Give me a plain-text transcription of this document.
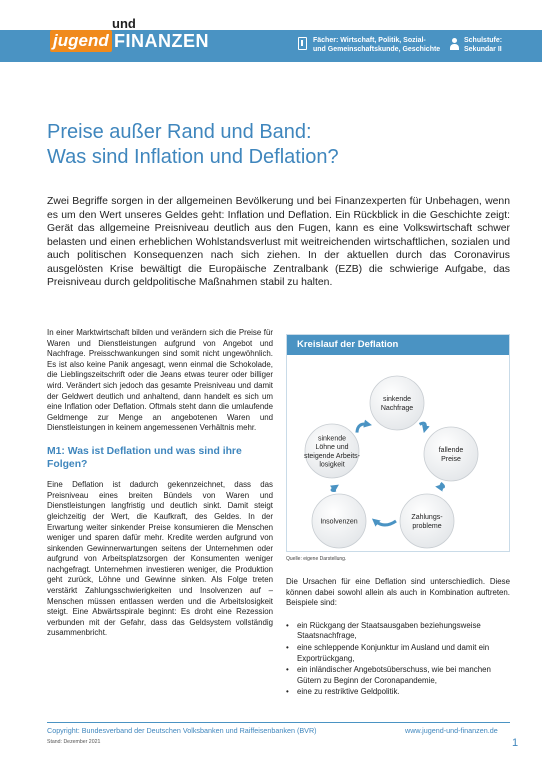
und
jugend FINANZEN	Fächer: Wirtschaft, Politik, Sozial-
und Gemeinschaftskunde, Geschichte
Schulstufe:
Sekundar II
Preise außer Rand und Band:
Was sind Inflation und Deflation?

Zwei Begriffe sorgen in der allgemeinen Bevölkerung und bei Finanzexperten für Unbehagen, wenn es um den Wert unseres Geldes geht: Inflation und Deflation. Ein Rückblick in die Geschichte zeigt: Gerät das allgemeine Preisniveau deutlich aus den Fugen, kann es eine Volkswirtschaft schwer belasten und einen erheblichen Wohlstandsverlust mit weitreichenden wirtschaftlichen, sozialen und auch politischen Konsequenzen nach sich ziehen. In der aktuellen durch das Coronavirus ausgelösten Krise bewältigt die Europäische Zentralbank (EZB) die schwierige Aufgabe, das Preisniveau durch geldpolitische Maßnahmen stabil zu halten.

In einer Marktwirtschaft bilden und verändern sich die Preise für Waren und Dienstleistungen aufgrund von Angebot und Nachfrage. Preisschwankungen sind somit nicht ungewöhnlich. Es ist also keine Panik angesagt, wenn einmal die Schokolade, die Lieblingszeitschrift oder die Jeans etwas teurer oder billiger wird. Verändert sich jedoch das gesamte Preisniveau und damit der Geldwert deutlich und anhaltend, dann handelt es sich um eine Inflation oder Deflation. Oftmals steht dann die umlaufende Geldmenge zur Menge an angebotenen Waren und Dienstleistungen in keinem angemessenen Verhältnis mehr.

M1: Was ist Deflation und was sind ihre Folgen?

Eine Deflation ist dadurch gekennzeichnet, dass das Preisniveau eines breiten Bündels von Waren und Dienstleistungen langfristig und deutlich sinkt. Damit steigt gleichzeitig der Wert, die Kaufkraft, des Geldes. In der Erwartung weiter sinkender Preise konsumieren die Menschen weniger und sparen dafür mehr. Kredite werden aufgrund von sinkenden Gewinnerwartungen seitens der Unternehmen oder aufgrund von Arbeitsplatzsorgen der Konsumenten weniger nachgefragt. Unternehmen investieren weniger, die Produktion geht zurück, Löhne und Gewinne sinken. Als Folge treten verstärkt Zahlungsschwierigkeiten und Insolvenzen auf – Menschen müssen entlassen werden und die Arbeitslosigkeit steigt. Eine Abwärtsspirale beginnt: Es droht eine Rezession verbunden mit der Gefahr, dass das Geldsystem vollständig zusammenbricht.

Kreislauf der Deflation
sinkende
Nachfrage
fallende
Preise
Zahlungs-
probleme
Insolvenzen
sinkende
Löhne und
steigende Arbeits-
losigkeit
Quelle: eigene Darstellung.

Die Ursachen für eine Deflation sind unterschiedlich. Diese können dabei sowohl allein als auch in Kombination auftreten. Beispiele sind:

• ein Rückgang der Staatsausgaben beziehungsweise Staatsnachfrage,
• eine schleppende Konjunktur im Ausland und damit ein Exportrückgang,
• ein inländischer Angebotsüberschuss, wie bei manchen Gütern zu Beginn der Coronapandemie,
• eine zu restriktive Geldpolitik.
Copyright: Bundesverband der Deutschen Volksbanken und Raiffeisenbanken (BVR)	www.jugend-und-finanzen.de
Stand: Dezember 2021	1
